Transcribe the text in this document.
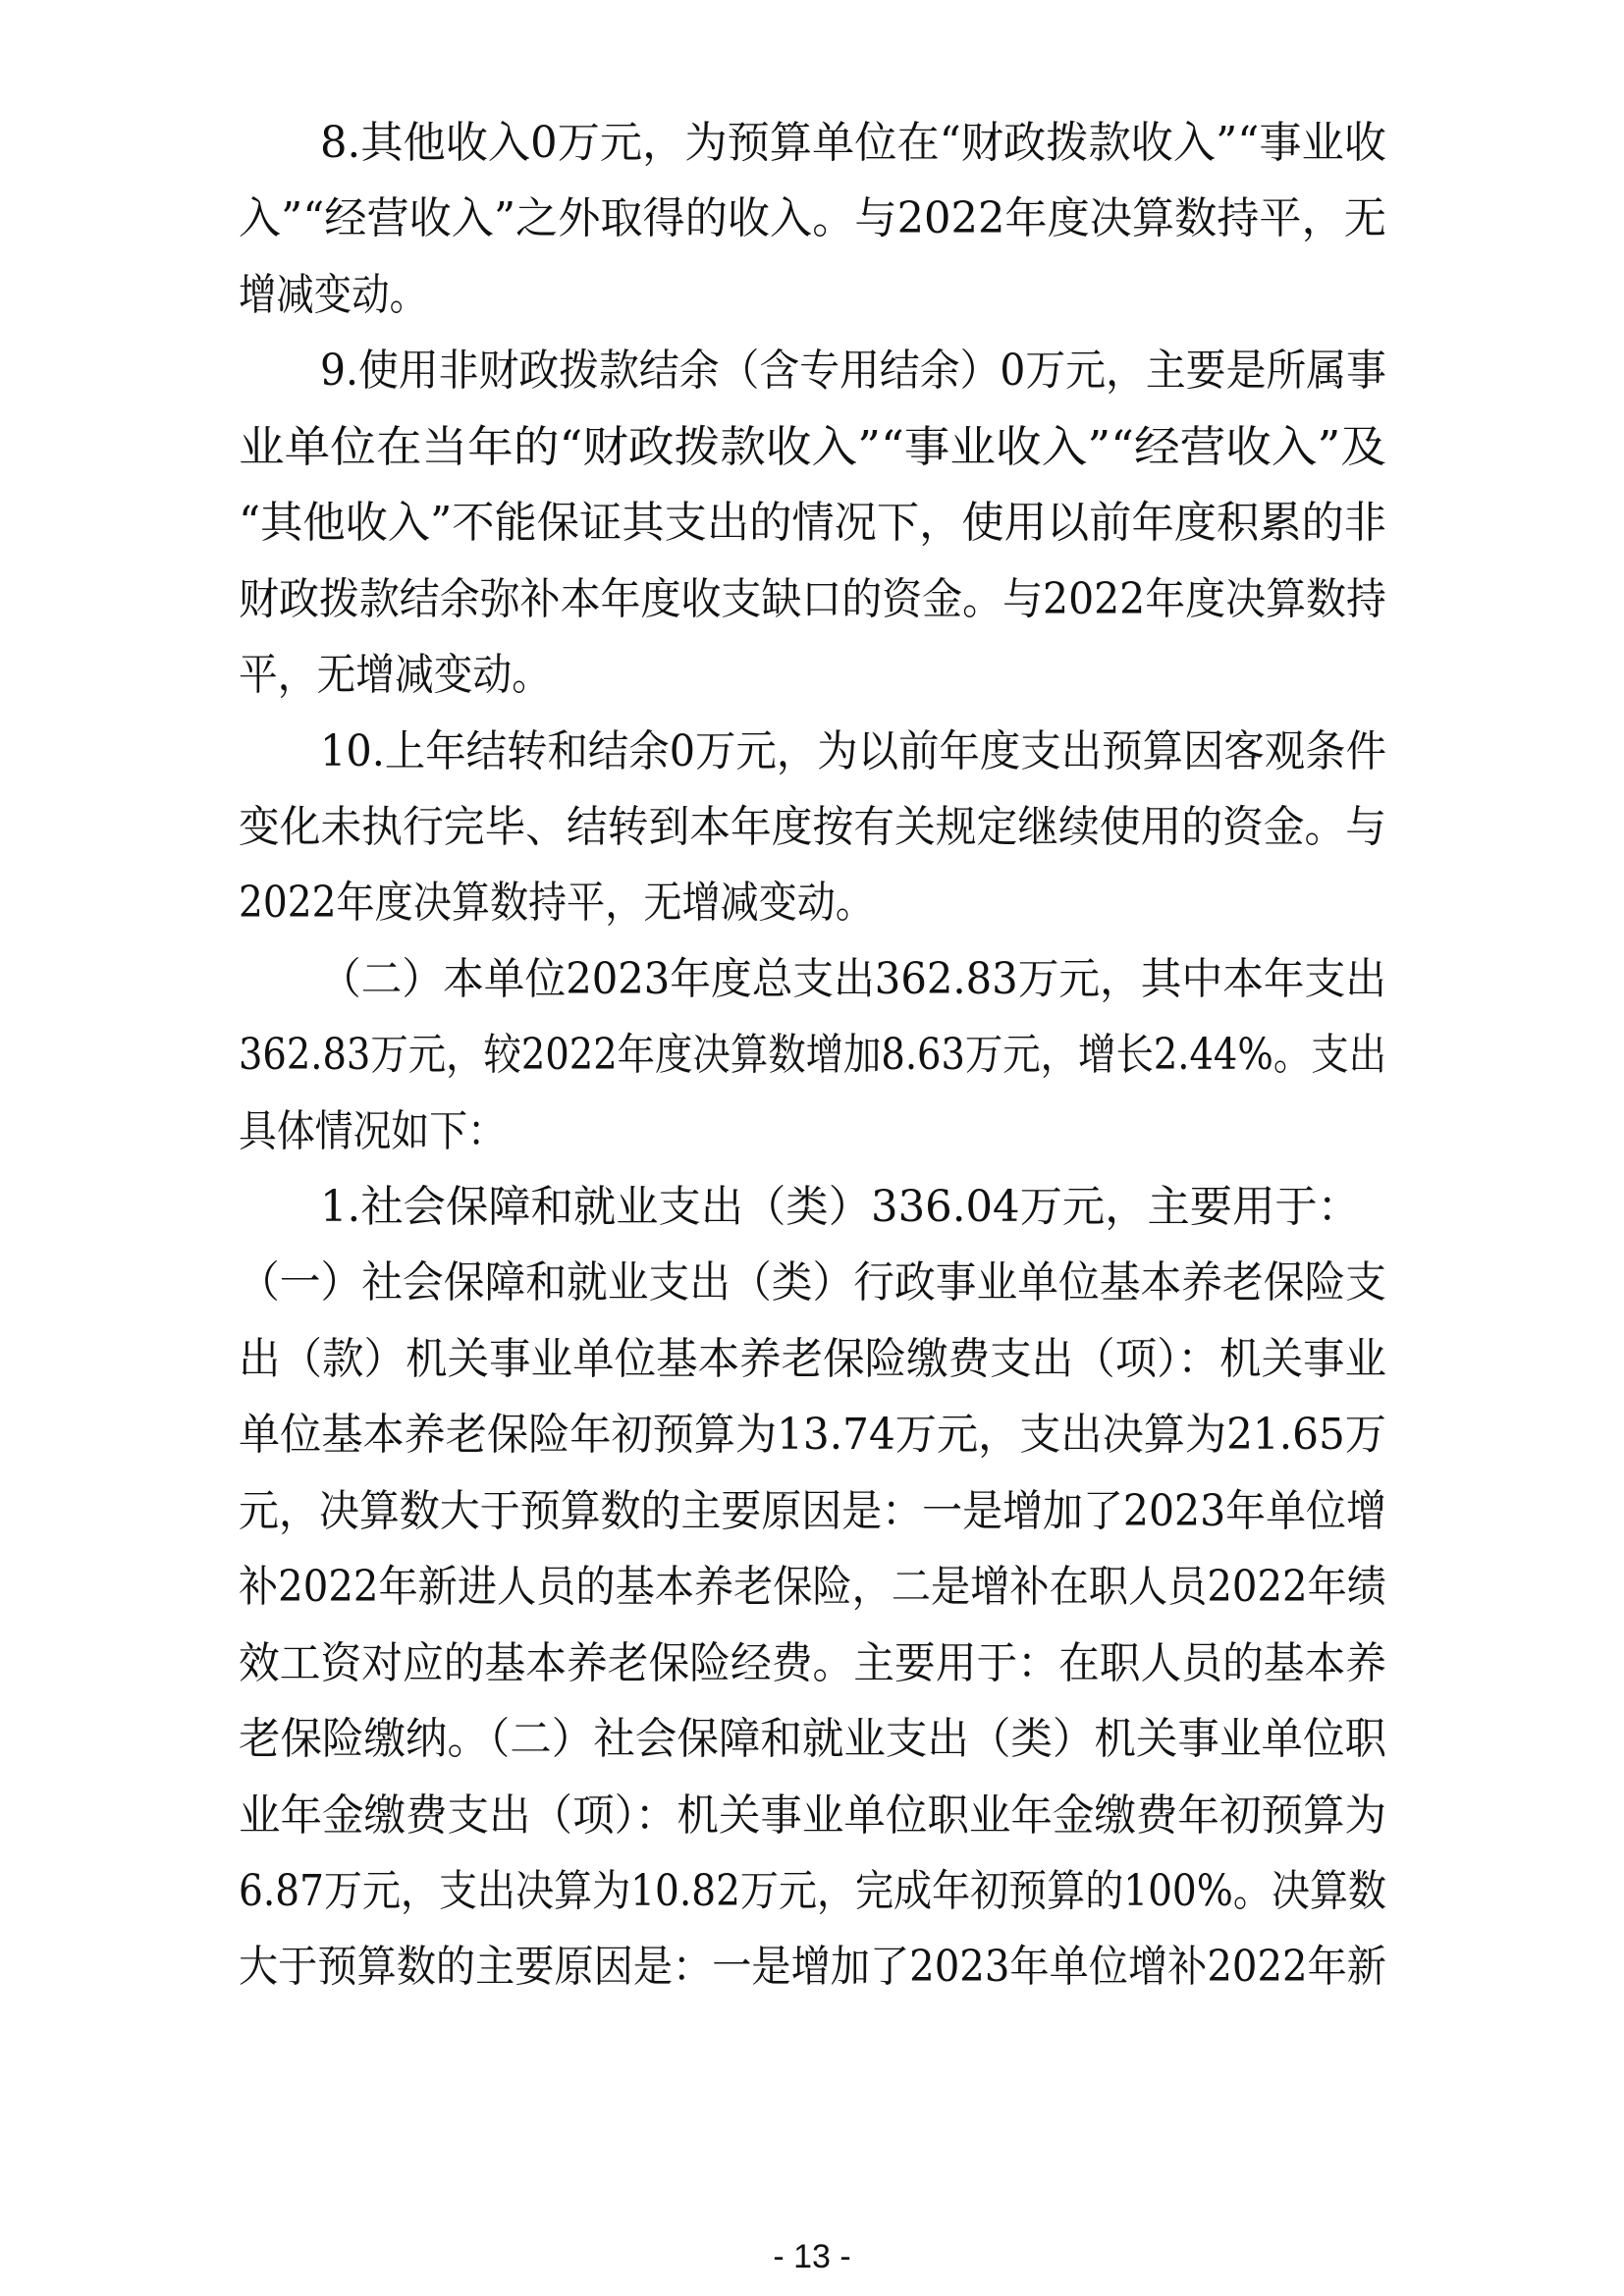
8.其他收入0万元，为预算单位在“财政拨款收入”“事业收
入”“经营收入”之外取得的收入。与2022年度决算数持平，无
增减变动。
9.使用非财政拨款结余（含专用结余）0万元，主要是所属事
业单位在当年的“财政拨款收入”“事业收入”“经营收入”及
“其他收入”不能保证其支出的情况下，使用以前年度积累的非
财政拨款结余弥补本年度收支缺口的资金。与2022年度决算数持
平，无增减变动。
10.上年结转和结余0万元，为以前年度支出预算因客观条件
变化未执行完毕、结转到本年度按有关规定继续使用的资金。与
2022年度决算数持平，无增减变动。
（二）本单位2023年度总支出362.83万元，其中本年支出
362.83万元，较2022年度决算数增加8.63万元，增长2.44%。支出
具体情况如下：
1.社会保障和就业支出（类）336.04万元，主要用于：
（一）社会保障和就业支出（类）行政事业单位基本养老保险支
出（款）机关事业单位基本养老保险缴费支出（项）：机关事业
单位基本养老保险年初预算为13.74万元，支出决算为21.65万
元，决算数大于预算数的主要原因是：一是增加了2023年单位增
补2022年新进人员的基本养老保险，二是增补在职人员2022年绩
效工资对应的基本养老保险经费。主要用于：在职人员的基本养
老保险缴纳。（二）社会保障和就业支出（类）机关事业单位职
业年金缴费支出（项）：机关事业单位职业年金缴费年初预算为
6.87万元，支出决算为10.82万元，完成年初预算的100%。决算数
大于预算数的主要原因是：一是增加了2023年单位增补2022年新
- 13 -
